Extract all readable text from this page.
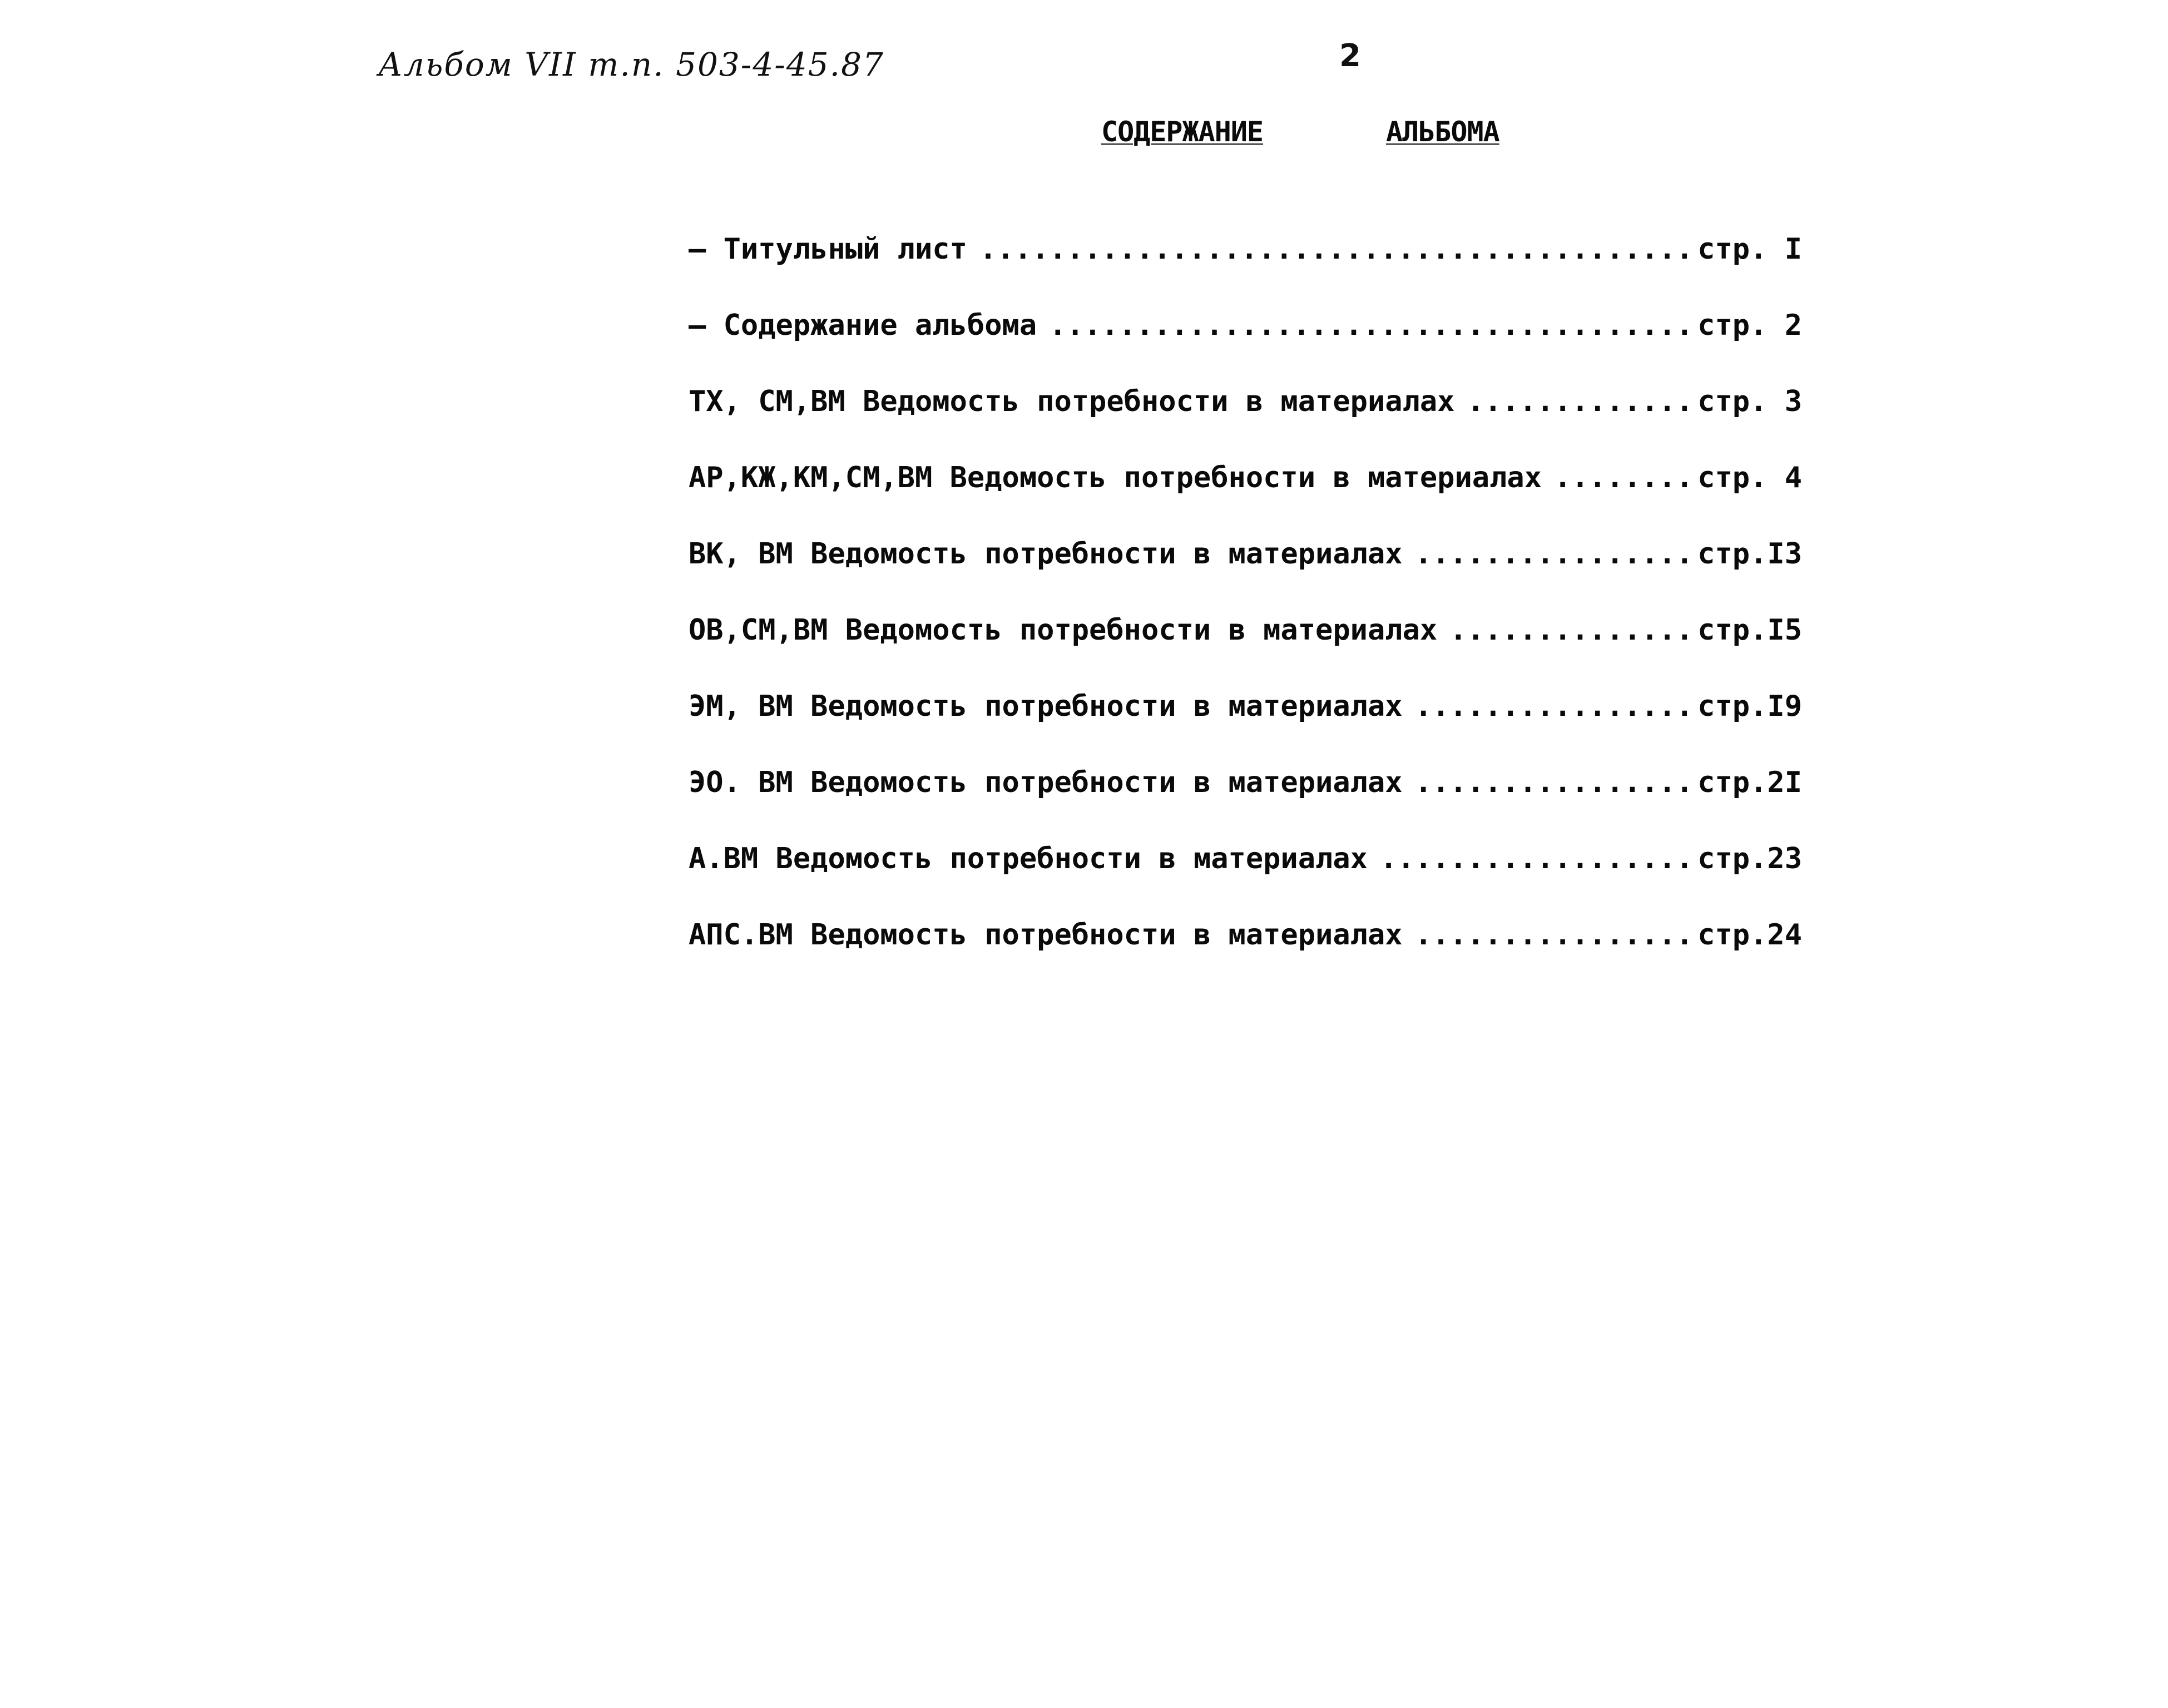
Альбом VII т.п. 503-4-45.87	2
СОДЕРЖАНИЕ	АЛЬБОМА
– Титульный лист .....	стр. I
– Содержание альбома .....	стр. 2
ТХ, СМ,ВМ Ведомость потребности в материалах .....	стр. 3
АР,КЖ,КМ,СМ,ВМ Ведомость потребности в материалах .....	стр. 4
ВК, ВМ Ведомость потребности в материалах .....	стр.I3
ОВ,СМ,ВМ Ведомость потребности в материалах .....	стр.I5
ЭМ, ВМ Ведомость потребности в материалах .....	стр.I9
ЭО. ВМ Ведомость потребности в материалах .....	стр.2I
А.ВМ Ведомость потребности в материалах .....	стр.23
АПС.ВМ Ведомость потребности в материалах .....	стр.24
